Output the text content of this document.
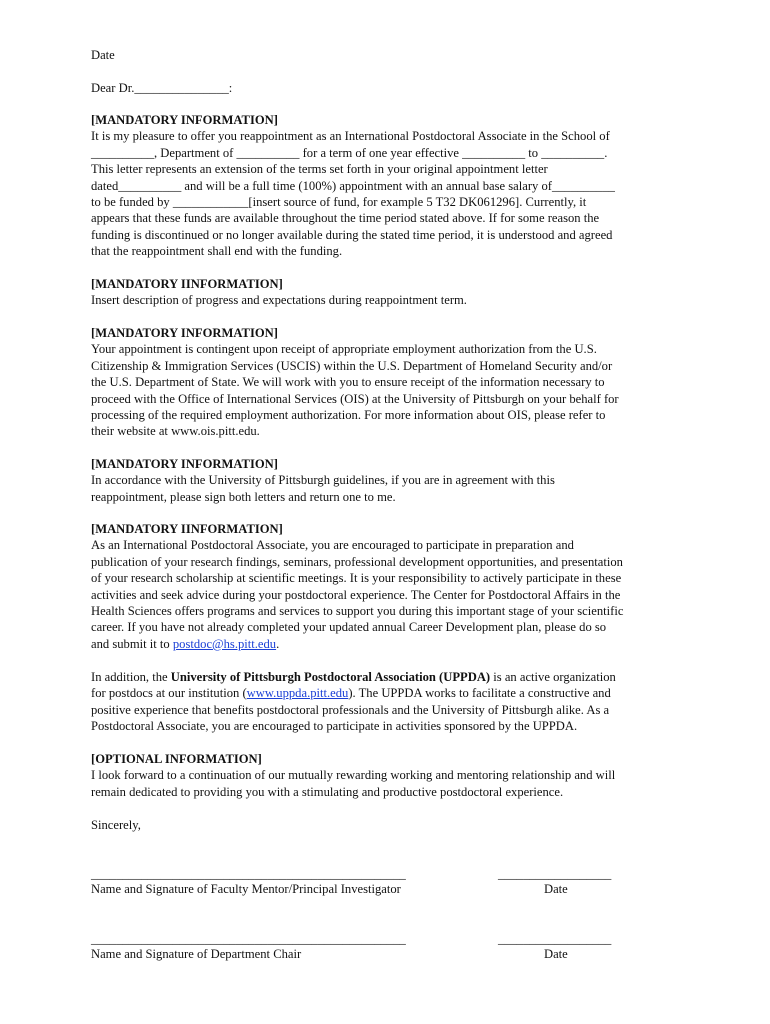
Date

Dear Dr._______________:

[MANDATORY INFORMATION]

It is my pleasure to offer you reappointment as an International Postdoctoral Associate in the School of

__________, Department of __________ for a term of one year effective __________ to __________.

This letter represents an extension of the terms set forth in your original appointment letter

dated__________ and will be a full time (100%) appointment with an annual base salary of__________

to be funded by ____________[insert source of fund, for example 5 T32 DK061296]. Currently, it

appears that these funds are available throughout the time period stated above. If for some reason the

funding is discontinued or no longer available during the stated time period, it is understood and agreed

that the reappointment shall end with the funding.

[MANDATORY IINFORMATION]

Insert description of progress and expectations during reappointment term.

[MANDATORY INFORMATION]

Your appointment is contingent upon receipt of appropriate employment authorization from the U.S.

Citizenship & Immigration Services (USCIS) within the U.S. Department of Homeland Security and/or

the U.S. Department of State. We will work with you to ensure receipt of the information necessary to

proceed with the Office of International Services (OIS) at the University of Pittsburgh on your behalf for

processing of the required employment authorization. For more information about OIS, please refer to

their website at www.ois.pitt.edu.

[MANDATORY INFORMATION]

In accordance with the University of Pittsburgh guidelines, if you are in agreement with this

reappointment, please sign both letters and return one to me.

[MANDATORY IINFORMATION]

As an International Postdoctoral Associate, you are encouraged to participate in preparation and

publication of your research findings, seminars, professional development opportunities, and presentation

of your research scholarship at scientific meetings. It is your responsibility to actively participate in these

activities and seek advice during your postdoctoral experience. The Center for Postdoctoral Affairs in the

Health Sciences offers programs and services to support you during this important stage of your scientific

career. If you have not already completed your updated annual Career Development plan, please do so

and submit it to postdoc@hs.pitt.edu.

In addition, the University of Pittsburgh Postdoctoral Association (UPPDA) is an active organization

for postdocs at our institution (www.uppda.pitt.edu). The UPPDA works to facilitate a constructive and

positive experience that benefits postdoctoral professionals and the University of Pittsburgh alike. As a

Postdoctoral Associate, you are encouraged to participate in activities sponsored by the UPPDA.

[OPTIONAL INFORMATION]

I look forward to a continuation of our mutually rewarding working and mentoring relationship and will

remain dedicated to providing you with a stimulating and productive postdoctoral experience.

Sincerely,

__________________________________________________	__________________
Name and Signature of Faculty Mentor/Principal Investigator	Date
__________________________________________________	__________________
Name and Signature of Department Chair	Date
